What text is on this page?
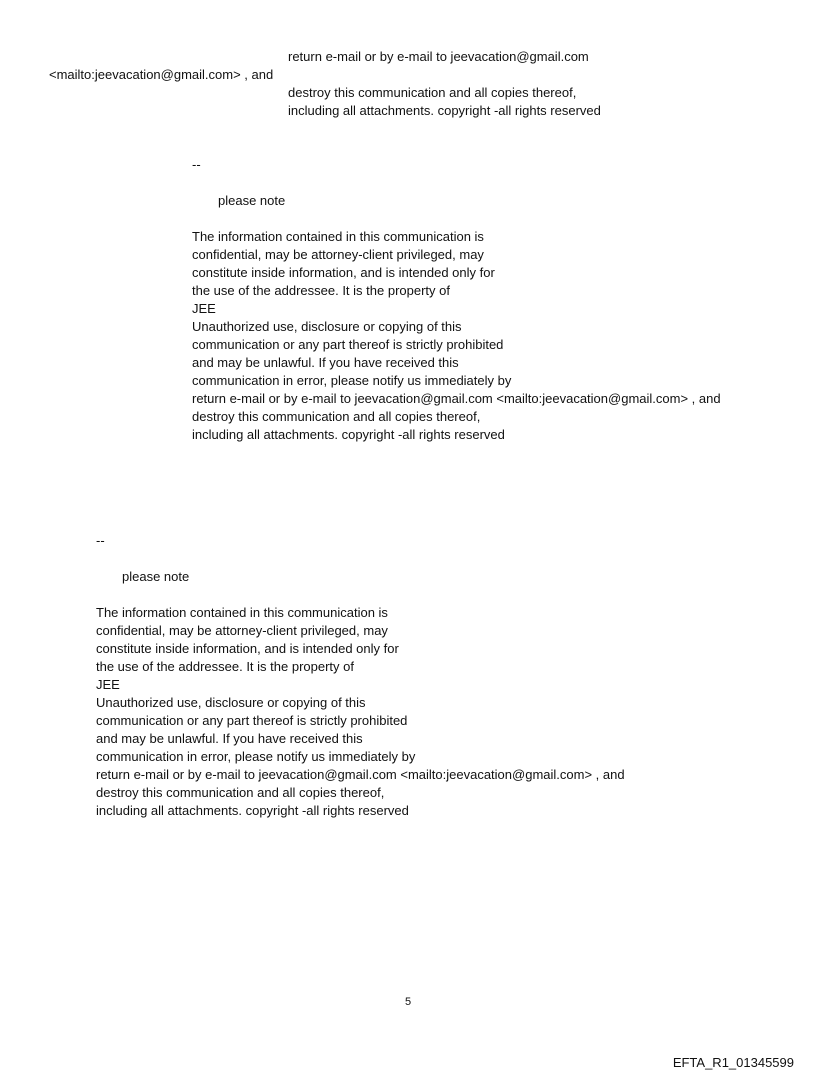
return e-mail or by e-mail to jeevacation@gmail.com

<mailto:jeevacation@gmail.com> , and

destroy this communication and all copies thereof,

including all attachments. copyright -all rights reserved

--

please note

The information contained in this communication is
confidential, may be attorney-client privileged, may
constitute inside information, and is intended only for
the use of the addressee. It is the property of
JEE
Unauthorized use, disclosure or copying of this
communication or any part thereof is strictly prohibited
and may be unlawful. If you have received this
communication in error, please notify us immediately by
return e-mail or by e-mail to jeevacation@gmail.com <mailto:jeevacation@gmail.com> , and
destroy this communication and all copies thereof,
including all attachments. copyright -all rights reserved

--

please note

The information contained in this communication is
confidential, may be attorney-client privileged, may
constitute inside information, and is intended only for
the use of the addressee. It is the property of
JEE
Unauthorized use, disclosure or copying of this
communication or any part thereof is strictly prohibited
and may be unlawful. If you have received this
communication in error, please notify us immediately by
return e-mail or by e-mail to jeevacation@gmail.com <mailto:jeevacation@gmail.com> , and
destroy this communication and all copies thereof,
including all attachments. copyright -all rights reserved
5
EFTA_R1_01345599
